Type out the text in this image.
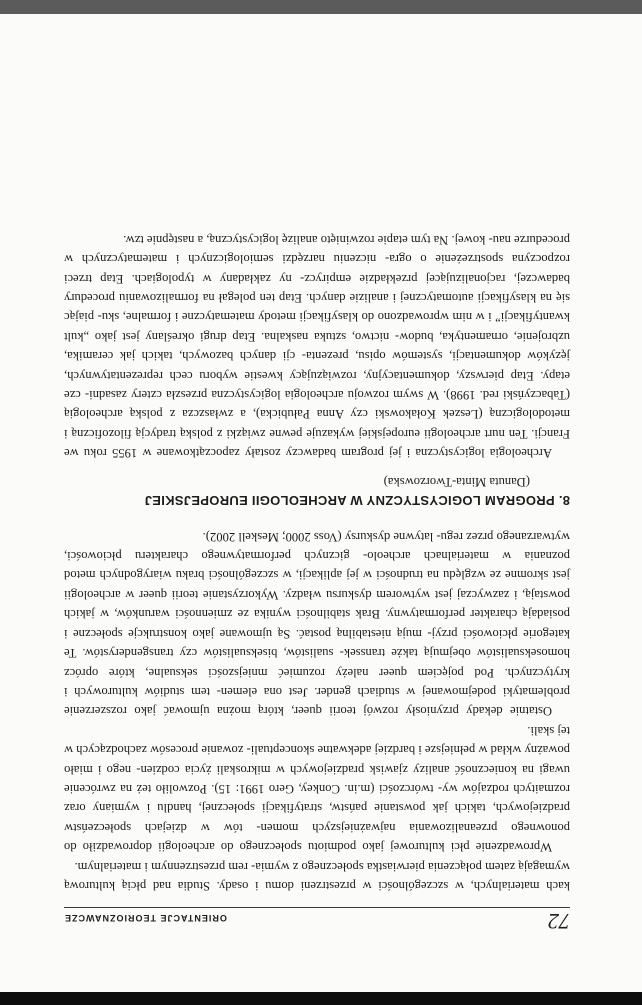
72
ORIENTACJE TEORIOZNAWCZE
kach materialnych, w szczególności w przestrzeni domu i osady. Studia nad płcią kulturową wymagają zatem połączenia pierwiastka społecznego z wymia- rem przestrzennym i materialnym.
Wprowadzenie płci kulturowej jako podmiotu społecznego do archeologii doprowadziło do ponownego przeanalizowania najważniejszych momen- tów w dziejach społeczeństw pradziejowych, takich jak powstanie państw, stratyfikacji społecznej, handlu i wymiany oraz rozmaitych rodzajów wy- twórczości (m.in. Conkey, Gero 1991: 15). Pozwoliło też na zwrócenie uwagi na konieczność analizy zjawisk pradziejowych w mikroskali życia codzien- nego i miało poważny wkład w pełniejsze i bardziej adekwatne skonceptuali- zowanie procesów zachodzących w tej skali.
Ostatnie dekady przyniosły rozwój teorii queer, którą można ujmować jako rozszerzenie problematyki podejmowanej w studiach gender. Jest ona elemen- tem studiów kulturowych i krytycznych. Pod pojęciem queer należy rozumieć mniejszości seksualne, które oprócz homoseksualistów obejmują także transsek- sualistów, biseksualistów czy transgenderystów. Te kategorie płciowości przyj- mują niestabilną postać. Są ujmowane jako konstrukcje społeczne i posiadają charakter performatywny. Brak stabilności wynika ze zmienności warunków, w jakich powstają, i zazwyczaj jest wytworem dyskursu władzy. Wykorzystanie teorii queer w archeologii jest skromne ze względu na trudności w jej aplikacji, w szczególności braku wiarygodnych metod poznania w materialnach archeolo- gicznych performatywnego charakteru płciowości, wytwarzanego przez regu- latywne dyskursy (Voss 2000; Meskell 2002).
8. PROGRAM LOGICYSTYCZNY W ARCHEOLOGII EUROPEJSKIEJ
(Danuta Minta-Tworzowska)
Archeologia logicystyczna i jej program badawczy zostały zapoczątkowane w 1955 roku we Francji. Ten nurt archeologii europejskiej wykazuje pewne związki z polską tradycją filozoficzną i metodologiczną (Leszek Kołakowski czy Anna Pałubicka), a zwłaszcza z polską archeologią (Tabaczyński red. 1998). W swym rozwoju archeologia logicystyczna przeszła cztery zasadni- cze etapy. Etap pierwszy, dokumentacyjny, rozwiązujący kwestie wyboru cech reprezentatywnych, języków dokumentacji, systemów opisu, prezenta- cji danych bazowych, takich jak ceramika, uzbrojenie, ornamentyka, budow- nictwo, sztuka naskalna. Etap drugi określany jest jako „kult kwantyfikacji” i w nim wprowadzono do klasyfikacji metody matematyczne i formalne, sku- piając się na klasyfikacji automatycznej i analizie danych. Etap ten polegał na formalizowaniu procedury badawczej, racjonalizującej przekładzie empirycz- ny zakładany w typologiach. Etap trzeci rozpoczyna spostrzeżenie o ogra- niczeniu narzędzi semiologicznych i matematycznych w procedurze nau- kowej. Na tym etapie rozwinięto analizę logicystyczną, a następnie tzw.
